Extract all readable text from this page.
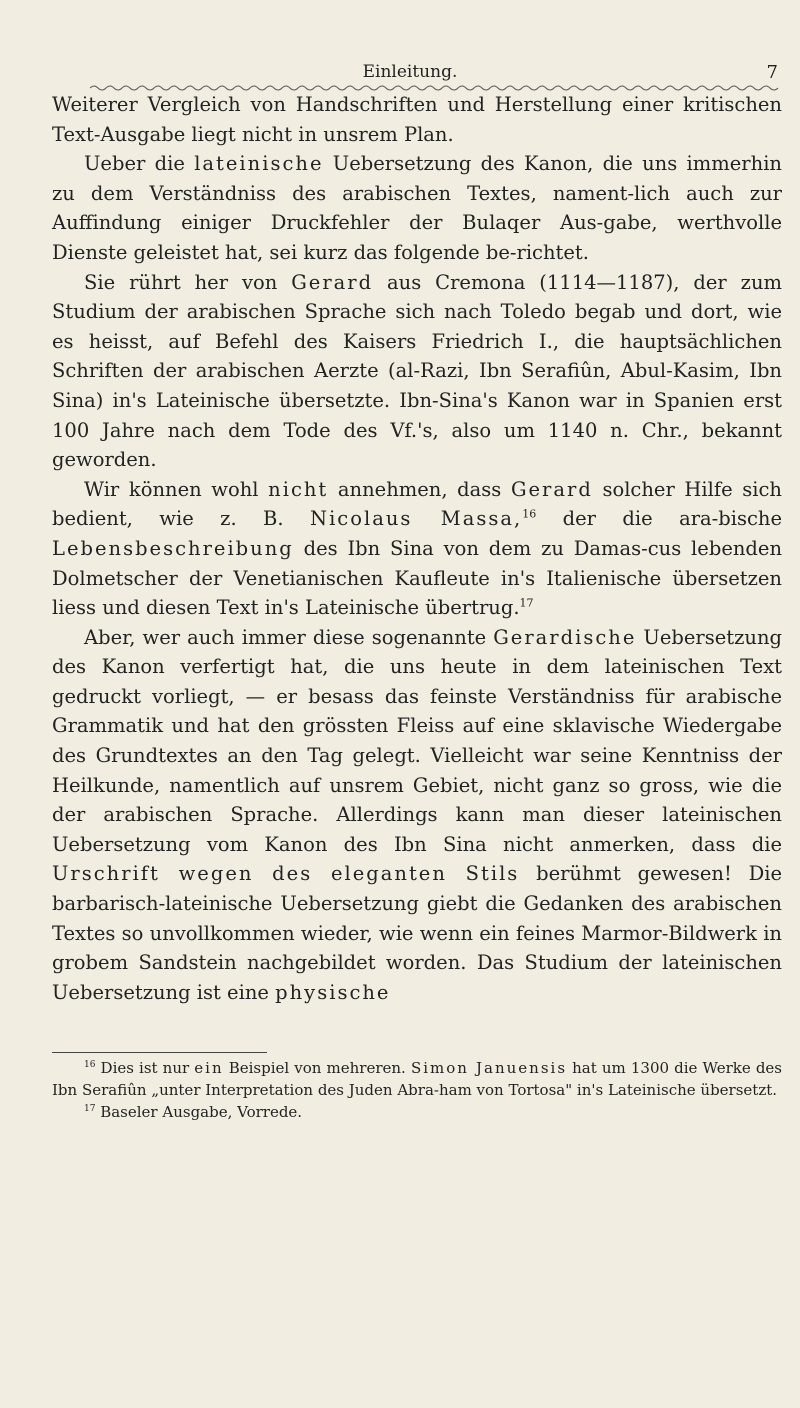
Einleitung.	7

Weiterer Vergleich von Handschriften und Herstellung einer kritischen Text-Ausgabe liegt nicht in unsrem Plan.

Ueber die lateinische Uebersetzung des Kanon, die uns immerhin zu dem Verständniss des arabischen Textes, nament-lich auch zur Auffindung einiger Druckfehler der Bulaqer Aus-gabe, werthvolle Dienste geleistet hat, sei kurz das folgende be-richtet.

Sie rührt her von Gerard aus Cremona (1114—1187), der zum Studium der arabischen Sprache sich nach Toledo begab und dort, wie es heisst, auf Befehl des Kaisers Friedrich I., die hauptsächlichen Schriften der arabischen Aerzte (al-Razi, Ibn Serafiûn, Abul-Kasim, Ibn Sina) in's Lateinische übersetzte. Ibn-Sina's Kanon war in Spanien erst 100 Jahre nach dem Tode des Vf.'s, also um 1140 n. Chr., bekannt geworden.

Wir können wohl nicht annehmen, dass Gerard solcher Hilfe sich bedient, wie z. B. Nicolaus Massa,$^{16}$ der die ara-bische Lebensbeschreibung des Ibn Sina von dem zu Damas-cus lebenden Dolmetscher der Venetianischen Kaufleute in's Italienische übersetzen liess und diesen Text in's Lateinische übertrug.$^{17}$

Aber, wer auch immer diese sogenannte Gerardische Uebersetzung des Kanon verfertigt hat, die uns heute in dem lateinischen Text gedruckt vorliegt, — er besass das feinste Verständniss für arabische Grammatik und hat den grössten Fleiss auf eine sklavische Wiedergabe des Grundtextes an den Tag gelegt. Vielleicht war seine Kenntniss der Heilkunde, namentlich auf unsrem Gebiet, nicht ganz so gross, wie die der arabischen Sprache. Allerdings kann man dieser lateinischen Uebersetzung vom Kanon des Ibn Sina nicht anmerken, dass die Urschrift wegen des eleganten Stils berühmt gewesen! Die barbarisch-lateinische Uebersetzung giebt die Gedanken des arabischen Textes so unvollkommen wieder, wie wenn ein feines Marmor-Bildwerk in grobem Sandstein nachgebildet worden. Das Studium der lateinischen Uebersetzung ist eine physische

$^{16}$ Dies ist nur ein Beispiel von mehreren. Simon Januensis hat um 1300 die Werke des Ibn Serafiûn „unter Interpretation des Juden Abra-ham von Tortosa" in's Lateinische übersetzt.

$^{17}$ Baseler Ausgabe, Vorrede.
